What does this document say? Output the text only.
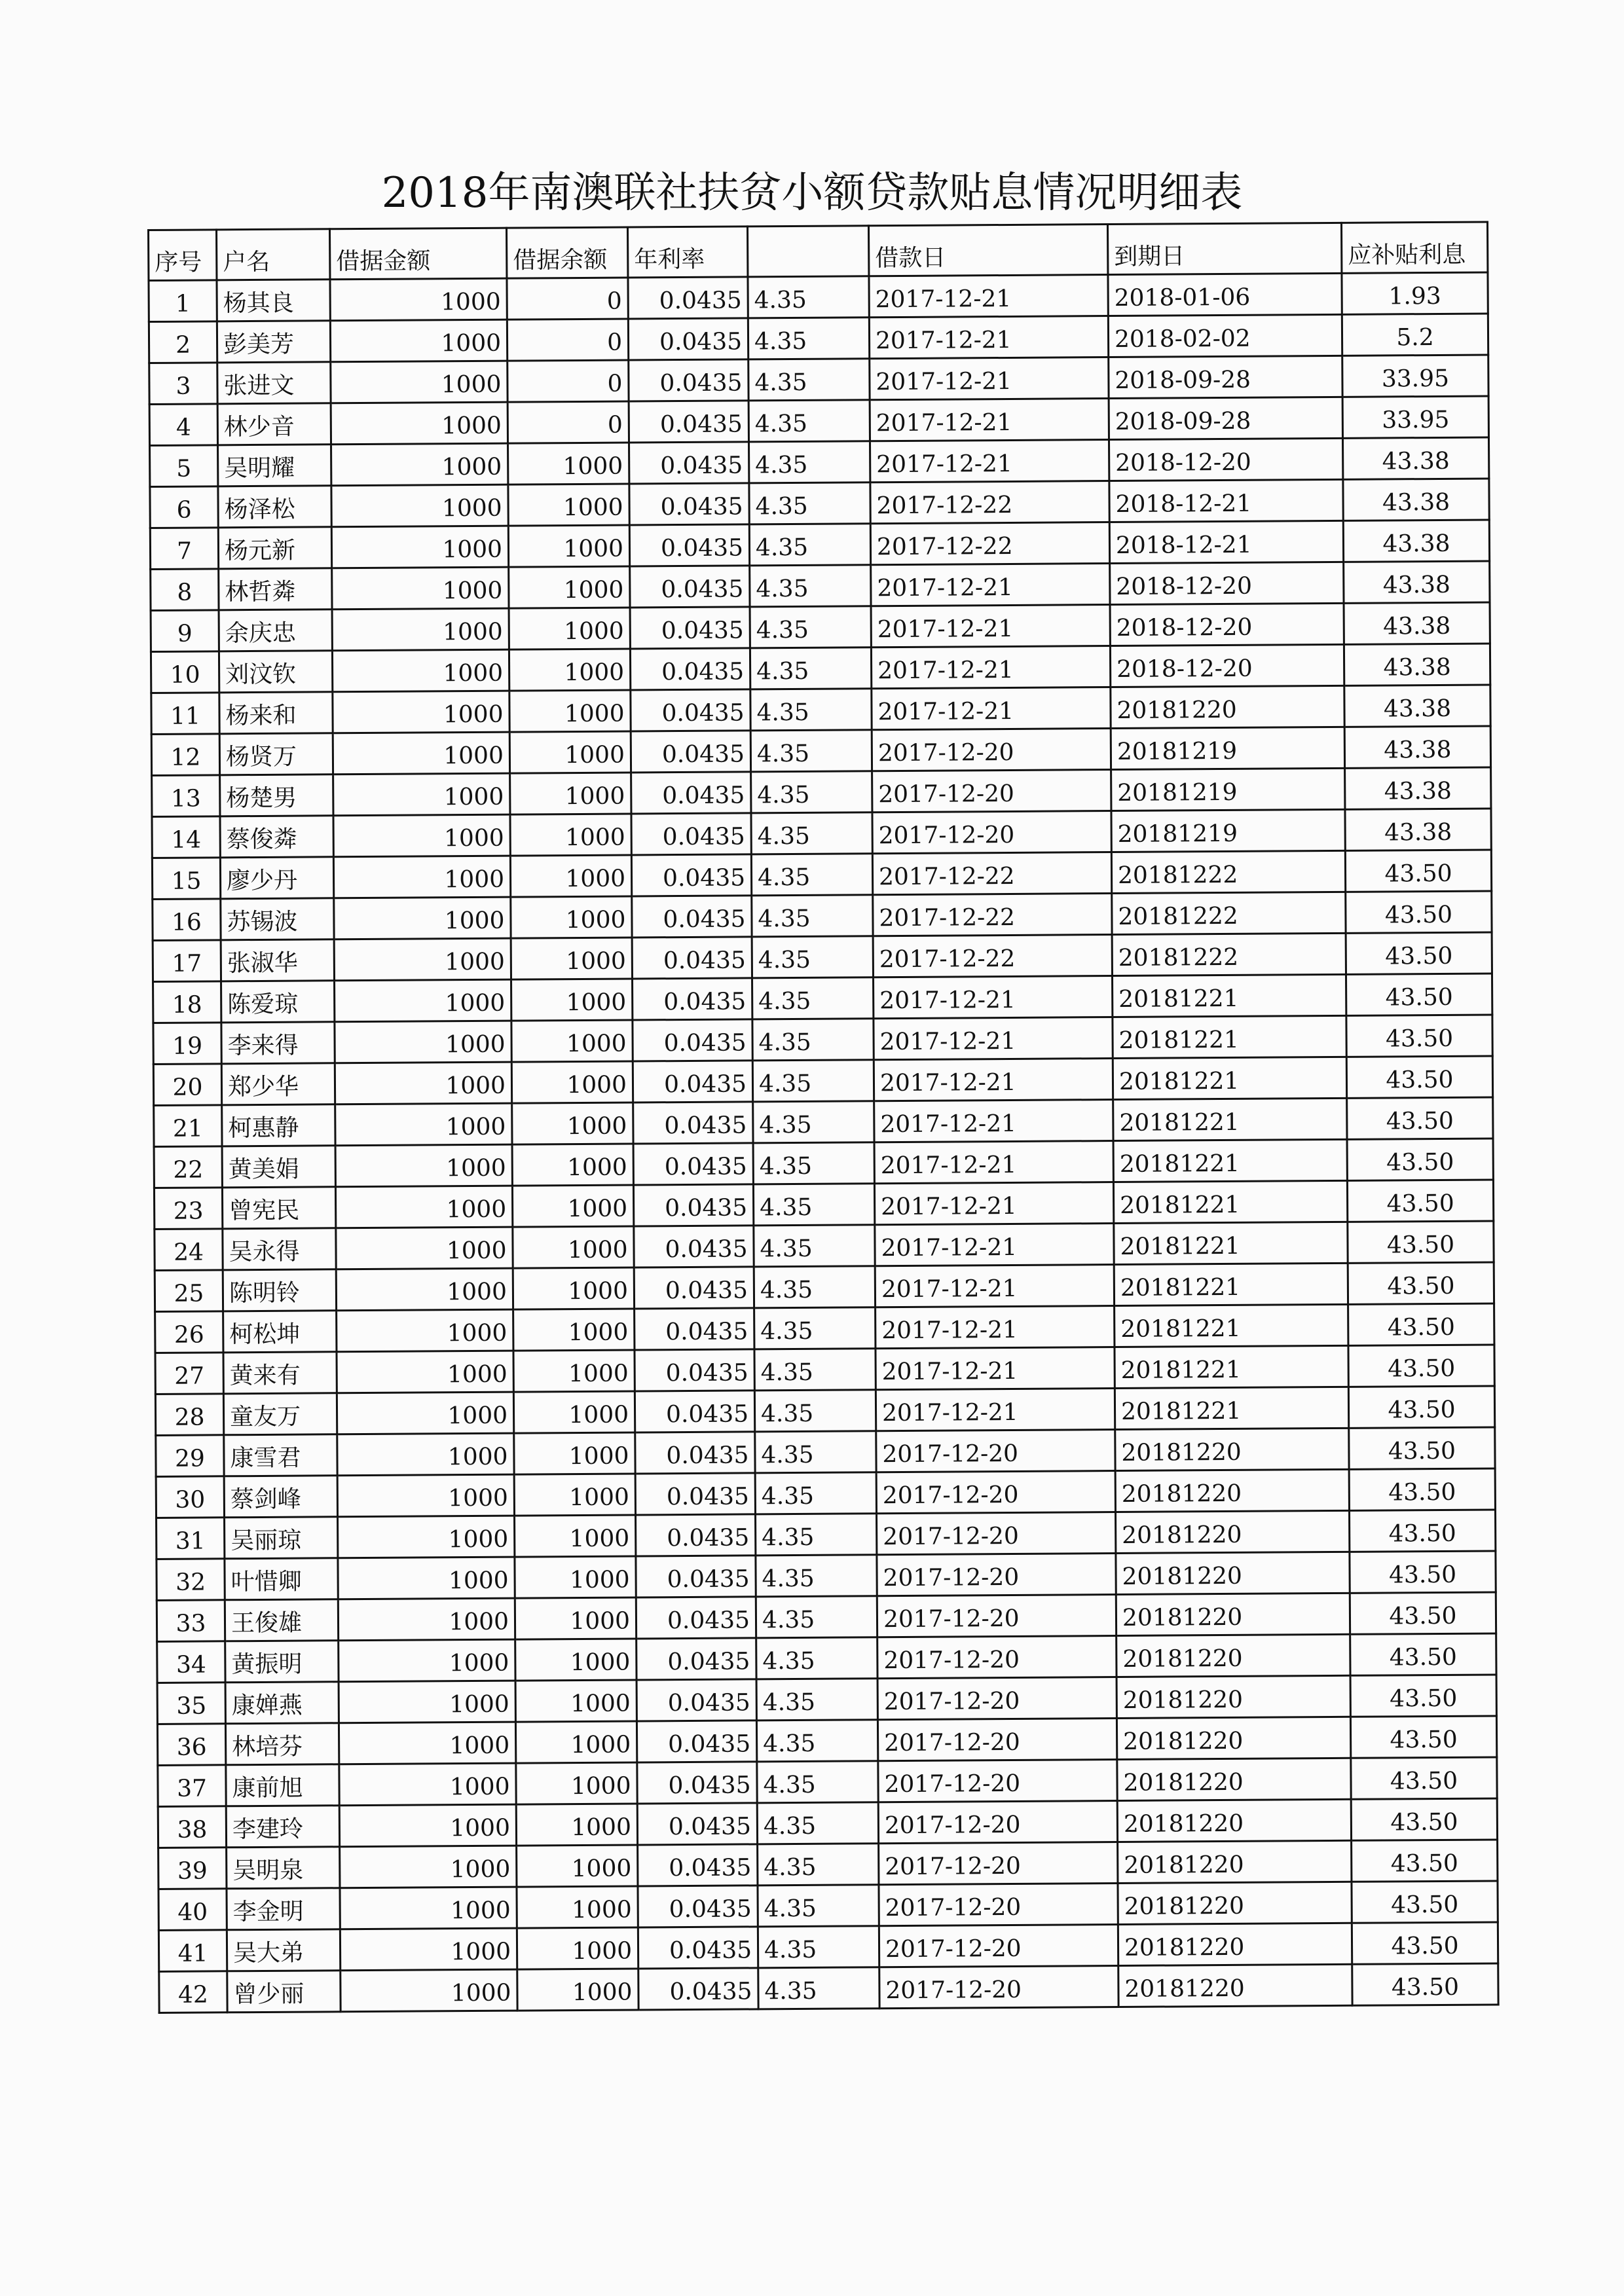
2018年南澳联社扶贫小额贷款贴息情况明细表
序号	户名	借据金额	借据余额	年利率		借款日	到期日	应补贴利息
1	杨其良	1000	0	0.0435	4.35	2017-12-21	2018-01-06	1.93
2	彭美芳	1000	0	0.0435	4.35	2017-12-21	2018-02-02	5.2
3	张进文	1000	0	0.0435	4.35	2017-12-21	2018-09-28	33.95
4	林少音	1000	0	0.0435	4.35	2017-12-21	2018-09-28	33.95
5	吴明耀	1000	1000	0.0435	4.35	2017-12-21	2018-12-20	43.38
6	杨泽松	1000	1000	0.0435	4.35	2017-12-22	2018-12-21	43.38
7	杨元新	1000	1000	0.0435	4.35	2017-12-22	2018-12-21	43.38
8	林哲粦	1000	1000	0.0435	4.35	2017-12-21	2018-12-20	43.38
9	余庆忠	1000	1000	0.0435	4.35	2017-12-21	2018-12-20	43.38
10	刘汶钦	1000	1000	0.0435	4.35	2017-12-21	2018-12-20	43.38
11	杨来和	1000	1000	0.0435	4.35	2017-12-21	20181220	43.38
12	杨贤万	1000	1000	0.0435	4.35	2017-12-20	20181219	43.38
13	杨楚男	1000	1000	0.0435	4.35	2017-12-20	20181219	43.38
14	蔡俊粦	1000	1000	0.0435	4.35	2017-12-20	20181219	43.38
15	廖少丹	1000	1000	0.0435	4.35	2017-12-22	20181222	43.50
16	苏锡波	1000	1000	0.0435	4.35	2017-12-22	20181222	43.50
17	张淑华	1000	1000	0.0435	4.35	2017-12-22	20181222	43.50
18	陈爱琼	1000	1000	0.0435	4.35	2017-12-21	20181221	43.50
19	李来得	1000	1000	0.0435	4.35	2017-12-21	20181221	43.50
20	郑少华	1000	1000	0.0435	4.35	2017-12-21	20181221	43.50
21	柯惠静	1000	1000	0.0435	4.35	2017-12-21	20181221	43.50
22	黄美娟	1000	1000	0.0435	4.35	2017-12-21	20181221	43.50
23	曾宪民	1000	1000	0.0435	4.35	2017-12-21	20181221	43.50
24	吴永得	1000	1000	0.0435	4.35	2017-12-21	20181221	43.50
25	陈明铃	1000	1000	0.0435	4.35	2017-12-21	20181221	43.50
26	柯松坤	1000	1000	0.0435	4.35	2017-12-21	20181221	43.50
27	黄来有	1000	1000	0.0435	4.35	2017-12-21	20181221	43.50
28	童友万	1000	1000	0.0435	4.35	2017-12-21	20181221	43.50
29	康雪君	1000	1000	0.0435	4.35	2017-12-20	20181220	43.50
30	蔡剑峰	1000	1000	0.0435	4.35	2017-12-20	20181220	43.50
31	吴丽琼	1000	1000	0.0435	4.35	2017-12-20	20181220	43.50
32	叶惜卿	1000	1000	0.0435	4.35	2017-12-20	20181220	43.50
33	王俊雄	1000	1000	0.0435	4.35	2017-12-20	20181220	43.50
34	黄振明	1000	1000	0.0435	4.35	2017-12-20	20181220	43.50
35	康婵燕	1000	1000	0.0435	4.35	2017-12-20	20181220	43.50
36	林培芬	1000	1000	0.0435	4.35	2017-12-20	20181220	43.50
37	康前旭	1000	1000	0.0435	4.35	2017-12-20	20181220	43.50
38	李建玲	1000	1000	0.0435	4.35	2017-12-20	20181220	43.50
39	吴明泉	1000	1000	0.0435	4.35	2017-12-20	20181220	43.50
40	李金明	1000	1000	0.0435	4.35	2017-12-20	20181220	43.50
41	吴大弟	1000	1000	0.0435	4.35	2017-12-20	20181220	43.50
42	曾少丽	1000	1000	0.0435	4.35	2017-12-20	20181220	43.50
